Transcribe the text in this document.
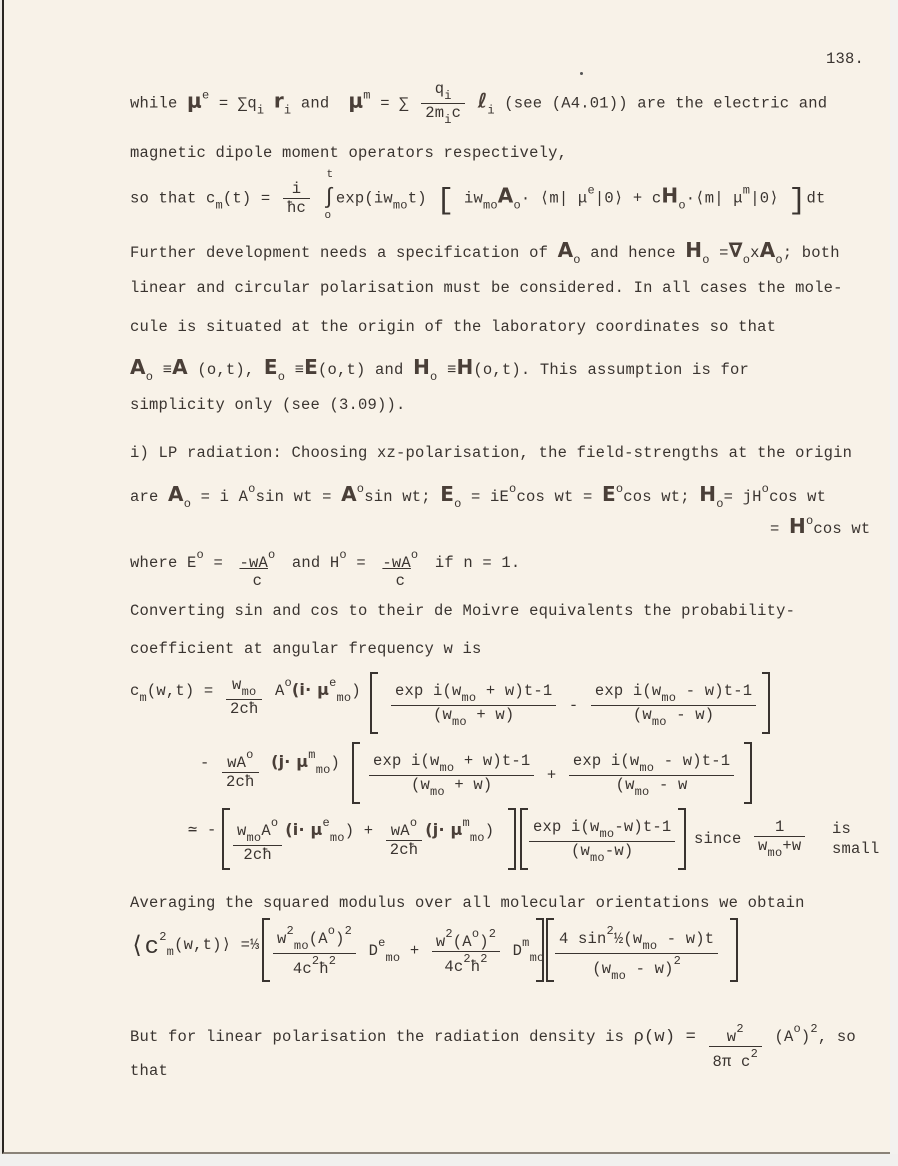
138.
while $\mu^e = \sum q_i$ $r_i$ and $\mu^m$ = ∑ $\frac{q_i}{2m_ic}$ ℓ$_i$ (see (A4.01)) are the electric and
magnetic dipole moment operators respectively,
so that $c_m(t) = \frac{i}{ħc}$

t
∫
o
$\exp(iw_{mo}t)$ [ $iw_{mo}A_o\cdot$ ⟨m| $\mu^e|0⟩$ + $cH_o\cdot⟨m|$ $\mu^m|0⟩$ ]dt
Further development needs a specification of $A_o$ and hence $H_o =\nabla_oxA_o$; both
linear and circular polarisation must be considered. In all cases the mole-
cule is situated at the origin of the laboratory coordinates so that
$A_o \equiv A$ (o,t), $E_o \equiv E(o,t)$ and $H_o \equiv H(o,t)$. This assumption is for
simplicity only (see (3.09)).
i) LP radiation: Choosing xz-polarisation, the field-strengths at the origin
are $A_o = i$ $A^o\sin$ wt = $A^o\sin$ wt; $E_o = iE^o\cos$ wt = $E^o\cos$ wt; $H_o= jH^o\cos$ wt
= $H^o\cos$ wt
where $E^o = -wA^o$
c
and $H^o = -wA^o$
c
if n = 1.
Converting sin and cos to their de Moivre equivalents the probability-
coefficient at angular frequency w is
$c_m(w,t) = \frac{w_{mo}}{2cħ} A^o(i\cdot \mu^e_{mo}) \frac{\exp i(w_{mo} + w)t-1}{(w_{mo} + w)} - \frac{\exp i(w_{mo} - w)t-1}{(w_{mo} - w)}$
- $\frac{wA^o}{2cħ} (j\cdot \mu^m_{mo}) \frac{\exp i(w_{mo} + w)t-1}{(w_{mo} + w)} + \frac{\exp i(w_{mo} - w)t-1}{(w_{mo} - w}$
≃ - $\frac{w_{mo}A^o}{2cħ} (i\cdot \mu^e_{mo}) + \frac{wA^o}{2cħ} (j\cdot \mu^m_{mo}) \frac{\exp i(w_{mo}-w)t-1}{(w_{mo}-w)}$ since $\frac{1}{w_{mo}+w}$ is
small
Averaging the squared modulus over all molecular orientations we obtain
$⟨c^2_m(w,t)⟩$ =⅓ $\frac{w^2_{mo}(A^o)^2}{4c^2ħ^2} D^e_{mo} + \frac{w^2(A^o)^2}{4c^2ħ^2} D^m_{mo} \frac{4 \sin^2\frac{1}{2}(w_{mo} - w)t}{(w_{mo} - w)^2}$
But for linear polarisation the radiation density is $\rho(w) = \frac{w^2}{8\pi c^2} (A^o)^2$, so
that
